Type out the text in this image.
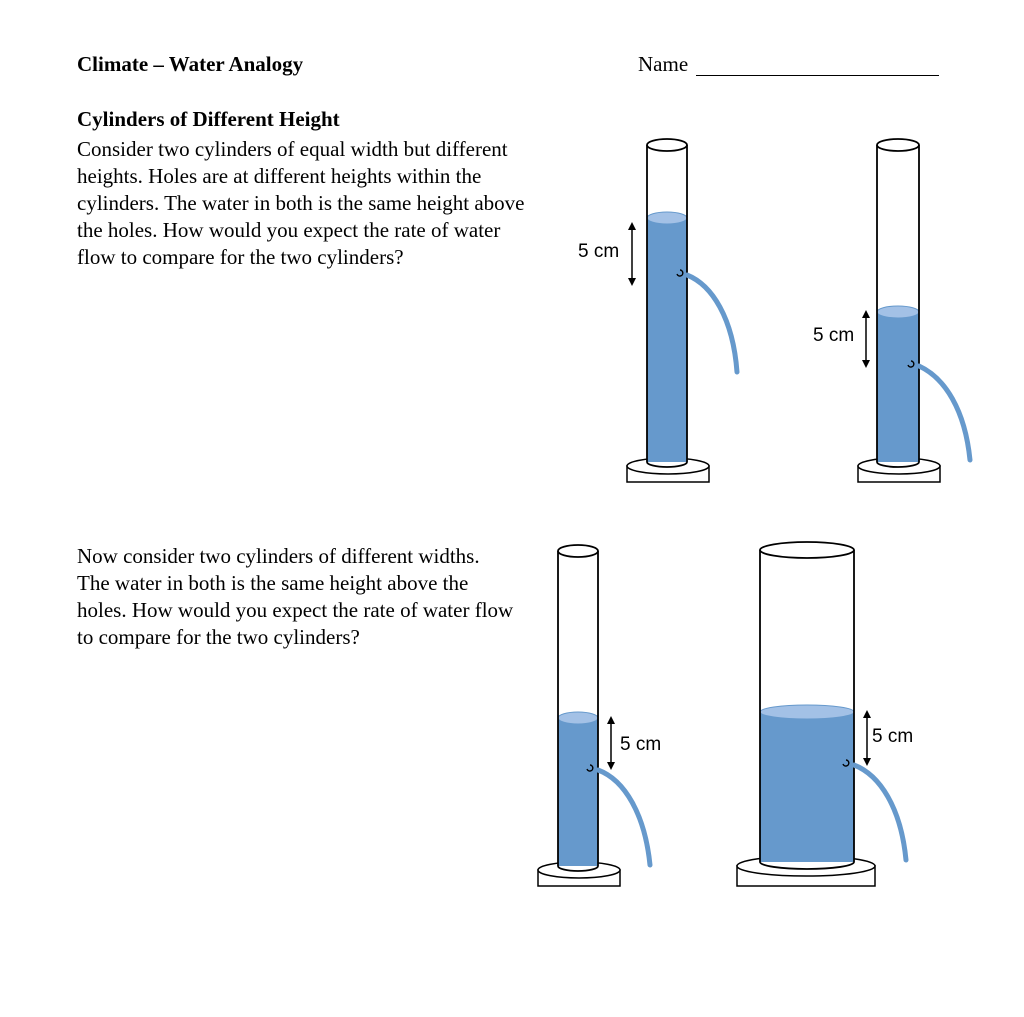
Climate – Water Analogy	Name
Cylinders of Different Height
Consider two cylinders of equal width but different heights. Holes are at different heights within the cylinders. The water in both is the same height above the holes. How would you expect the rate of water flow to compare for the two cylinders?
Now consider two cylinders of different widths. The water in both is the same height above the holes. How would you expect the rate of water flow to compare for the two cylinders?
5 cm
5 cm
5 cm	5 cm
